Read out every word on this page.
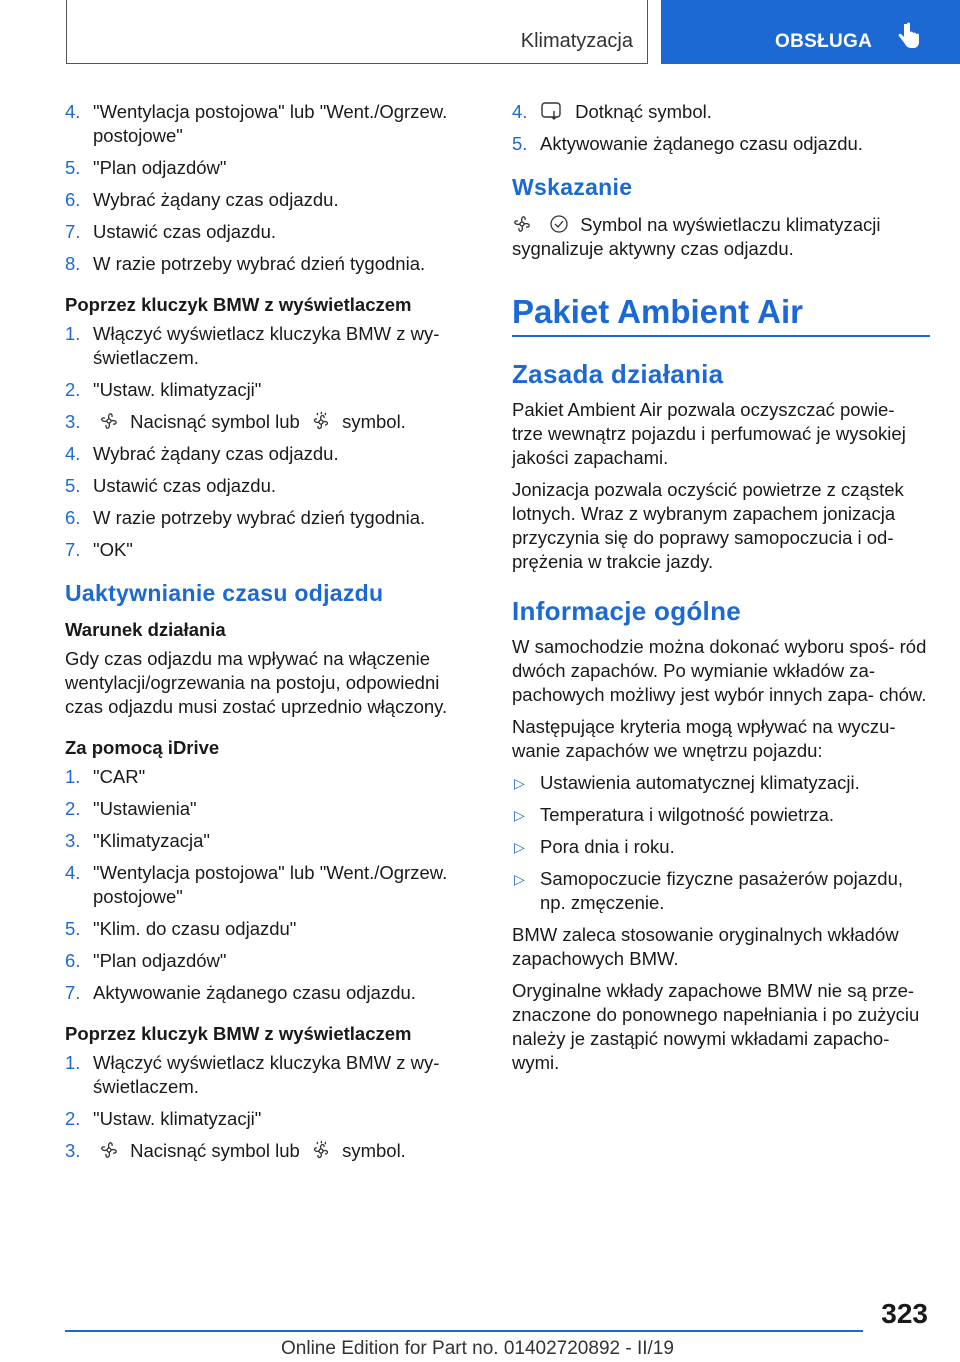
Klimatyzacja	OBSŁUGA
4. "Wentylacja postojowa" lub "Went./Ogrzew. postojowe"
5. "Plan odjazdów"
6. Wybrać żądany czas odjazdu.
7. Ustawić czas odjazdu.
8. W razie potrzeby wybrać dzień tygodnia.
Poprzez kluczyk BMW z wyświetlaczem
1. Włączyć wyświetlacz kluczyka BMW z wy- świetlaczem.
2. "Ustaw. klimatyzacji"
3.	Nacisnąć symbol lub symbol.
4. Wybrać żądany czas odjazdu.
5. Ustawić czas odjazdu.
6. W razie potrzeby wybrać dzień tygodnia.
7. "OK"
Uaktywnianie czasu odjazdu
Warunek działania

Gdy czas odjazdu ma wpływać na włączenie wentylacji/ogrzewania na postoju, odpowiedni czas odjazdu musi zostać uprzednio włączony.

Za pomocą iDrive
1. "CAR"
2. "Ustawienia"
3. "Klimatyzacja"
4. "Wentylacja postojowa" lub "Went./Ogrzew. postojowe"
5. "Klim. do czasu odjazdu"
6. "Plan odjazdów"
7. Aktywowanie żądanego czasu odjazdu.
Poprzez kluczyk BMW z wyświetlaczem
1. Włączyć wyświetlacz kluczyka BMW z wy- świetlaczem.
2. "Ustaw. klimatyzacji"
3.	Nacisnąć symbol lub symbol.
4.	Dotknąć symbol.
5. Aktywowanie żądanego czasu odjazdu.
Wskazanie

Symbol na wyświetlaczu klimatyzacji sygnalizuje aktywny czas odjazdu.

Pakiet Ambient Air
Zasada działania

Pakiet Ambient Air pozwala oczyszczać powie- trze wewnątrz pojazdu i perfumować je wysokiej jakości zapachami.

Jonizacja pozwala oczyścić powietrze z cząstek lotnych. Wraz z wybranym zapachem jonizacja przyczynia się do poprawy samopoczucia i od- prężenia w trakcie jazdy.

Informacje ogólne

W samochodzie można dokonać wyboru spoś- ród dwóch zapachów. Po wymianie wkładów za- pachowych możliwy jest wybór innych zapa- chów.

Następujące kryteria mogą wpływać na wyczu- wanie zapachów we wnętrzu pojazdu:

▷ Ustawienia automatycznej klimatyzacji.
▷ Temperatura i wilgotność powietrza.
▷ Pora dnia i roku.
▷ Samopoczucie fizyczne pasażerów pojazdu, np. zmęczenie.

BMW zaleca stosowanie oryginalnych wkładów zapachowych BMW.

Oryginalne wkłady zapachowe BMW nie są prze- znaczone do ponownego napełniania i po zużyciu należy je zastąpić nowymi wkładami zapacho- wymi.

323
Online Edition for Part no. 01402720892 - II/19
